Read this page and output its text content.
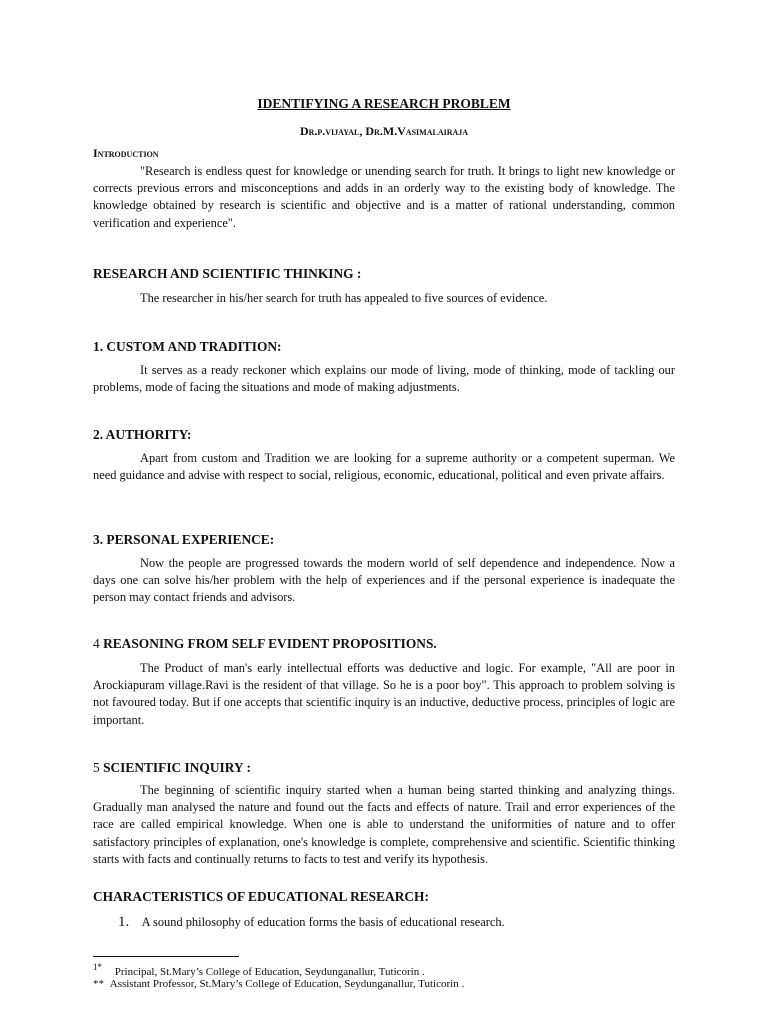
IDENTIFYING A RESEARCH PROBLEM
Dr.p.vijayal, Dr.M.Vasimalairaja
Introduction

"Research is endless quest for knowledge or unending search for truth. It brings to light new knowledge or corrects previous errors and misconceptions and adds in an orderly way to the existing body of knowledge. The knowledge obtained by research is scientific and objective and is a matter of rational understanding, common verification and experience".

RESEARCH AND SCIENTIFIC THINKING :

The researcher in his/her search for truth has appealed to five sources of evidence.

1. CUSTOM AND TRADITION:

It serves as a ready reckoner which explains our mode of living, mode of thinking, mode of tackling our problems, mode of facing the situations and mode of making adjustments.

2. AUTHORITY:

Apart from custom and Tradition we are looking for a supreme authority or a competent superman. We need guidance and advise with respect to social, religious, economic, educational, political and even private affairs.

3. PERSONAL EXPERIENCE:

Now the people are progressed towards the modern world of self dependence and independence. Now a days one can solve his/her problem with the help of experiences and if the personal experience is inadequate the person may contact friends and advisors.

4 REASONING FROM SELF EVIDENT PROPOSITIONS.

The Product of man's early intellectual efforts was deductive and logic. For example, "All are poor in Arockiapuram village.Ravi is the resident of that village. So he is a poor boy". This approach to problem solving is not favoured today. But if one accepts that scientific inquiry is an inductive, deductive process, principles of logic are important.

5 SCIENTIFIC INQUIRY :

The beginning of scientific inquiry started when a human being started thinking and analyzing things. Gradually man analysed the nature and found out the facts and effects of nature. Trail and error experiences of the race are called empirical knowledge. When one is able to understand the uniformities of nature and to offer satisfactory principles of explanation, one's knowledge is complete, comprehensive and scientific. Scientific thinking starts with facts and continually returns to facts to test and verify its hypothesis.

CHARACTERISTICS OF EDUCATIONAL RESEARCH:
1. A sound philosophy of education forms the basis of educational research.
$^{1*}$ Principal, St.Mary’s College of Education, Seydunganallur, Tuticorin .
** Assistant Professor, St.Mary’s College of Education, Seydunganallur, Tuticorin .
